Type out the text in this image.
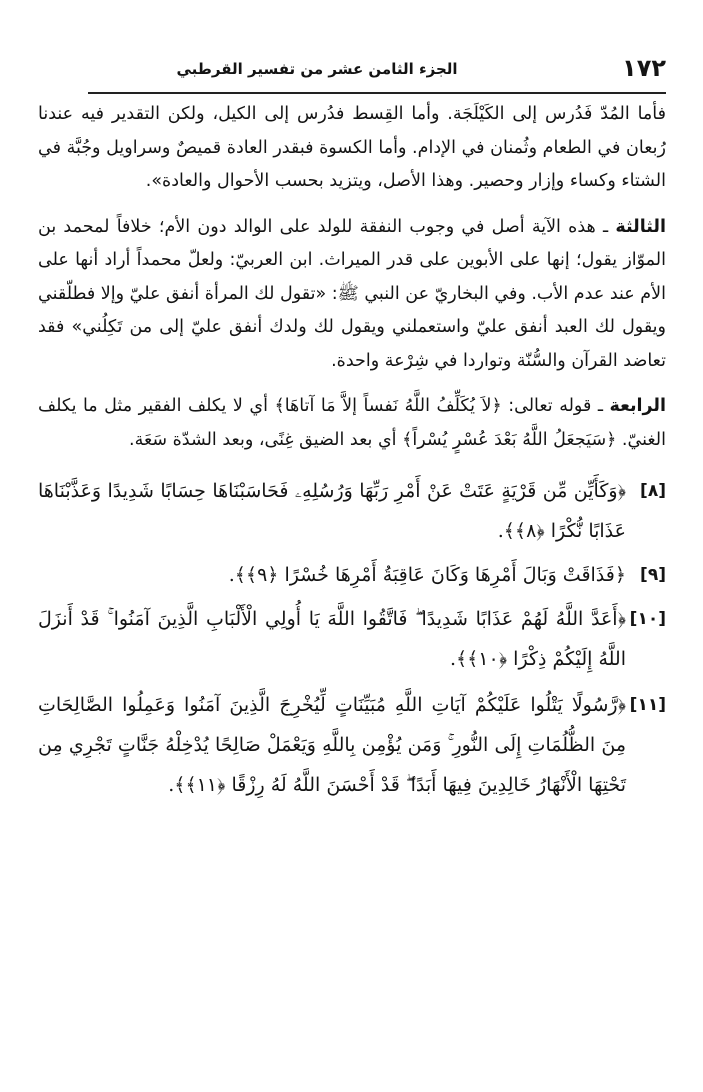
١٧٢
الجزء الثامن عشر من تفسير القرطبي

فأما المُدّ فَدُرس إلى الكَيْلَجَة. وأما القِسط فدُرس إلى الكيل، ولكن التقدير فيه عندنا رُبعان في الطعام وثُمنان في الإدام. وأما الكسوة فبقدر العادة قميصٌ وسراويل وجُبَّة في الشتاء وكساء وإزار وحصير. وهذا الأصل، ويتزيد بحسب الأحوال والعادة».

الثالثة ـ هذه الآية أصل في وجوب النفقة للولد على الوالد دون الأم؛ خلافاً لمحمد بن الموّاز يقول؛ إنها على الأبوين على قدر الميراث. ابن العربيّ: ولعلّ محمداً أراد أنها على الأم عند عدم الأب. وفي البخاريّ عن النبي ﷺ: «تقول لك المرأة أنفق عليّ وإلا فطلّقني ويقول لك العبد أنفق عليّ واستعملني ويقول لك ولدك أنفق عليّ إلى من تَكِلُني» فقد تعاضد القرآن والسُّنّة وتواردا في شِرْعة واحدة.

الرابعة ـ قوله تعالى: ﴿لاَ يُكَلِّفُ اللَّهُ نَفساً إلاَّ مَا آتاهَا﴾ أي لا يكلف الفقير مثل ما يكلف الغنيّ. ﴿سَيَجعَلُ اللَّهُ بَعْدَ عُسْرٍ يُسْراً﴾ أي بعد الضيق غِنًى، وبعد الشدّة سَعَة.

[٨]
﴿وَكَأَيِّن مِّن قَرْيَةٍ عَتَتْ عَنْ أَمْرِ رَبِّهَا وَرُسُلِهِۦ فَحَاسَبْنَاهَا حِسَابًا شَدِيدًا وَعَذَّبْنَاهَا عَذَابًا نُّكْرًا ﴿٨﴾﴾.
[٩]
﴿فَذَاقَتْ وَبَالَ أَمْرِهَا وَكَانَ عَاقِبَةُ أَمْرِهَا خُسْرًا ﴿٩﴾﴾.
[١٠]
﴿أَعَدَّ اللَّهُ لَهُمْ عَذَابًا شَدِيدًا ۖ فَاتَّقُوا اللَّهَ يَا أُولِي الْأَلْبَابِ الَّذِينَ آمَنُوا ۚ قَدْ أَنزَلَ اللَّهُ إِلَيْكُمْ ذِكْرًا ﴿١٠﴾﴾.
[١١]
﴿رَّسُولًا يَتْلُوا عَلَيْكُمْ آيَاتِ اللَّهِ مُبَيِّنَاتٍ لِّيُخْرِجَ الَّذِينَ آمَنُوا وَعَمِلُوا الصَّالِحَاتِ مِنَ الظُّلُمَاتِ إِلَى النُّورِ ۚ وَمَن يُؤْمِن بِاللَّهِ وَيَعْمَلْ صَالِحًا يُدْخِلْهُ جَنَّاتٍ تَجْرِي مِن تَحْتِهَا الْأَنْهَارُ خَالِدِينَ فِيهَا أَبَدًا ۖ قَدْ أَحْسَنَ اللَّهُ لَهُ رِزْقًا ﴿١١﴾﴾.
